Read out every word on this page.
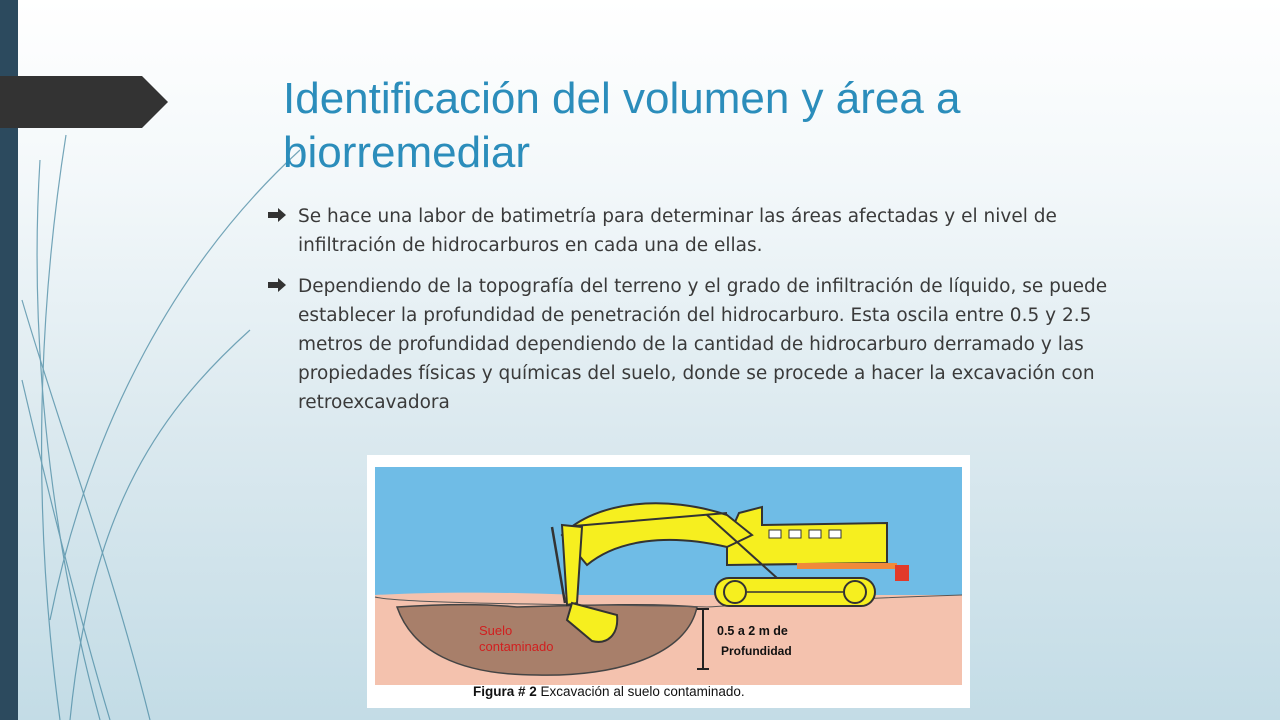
Identificación del volumen y área a biorremediar
Se hace una labor de batimetría para determinar las áreas afectadas y el nivel de infiltración de hidrocarburos en cada una de ellas.
Dependiendo de la topografía del terreno y el grado de infiltración de líquido, se puede establecer la profundidad de penetración del hidrocarburo. Esta oscila entre 0.5 y 2.5 metros de profundidad dependiendo de la cantidad de hidrocarburo derramado y las propiedades físicas y químicas del suelo, donde se procede a hacer la excavación con retroexcavadora
Suelo
contaminado
0.5 a 2 m de
Profundidad
Figura # 2 Excavación al suelo contaminado.
